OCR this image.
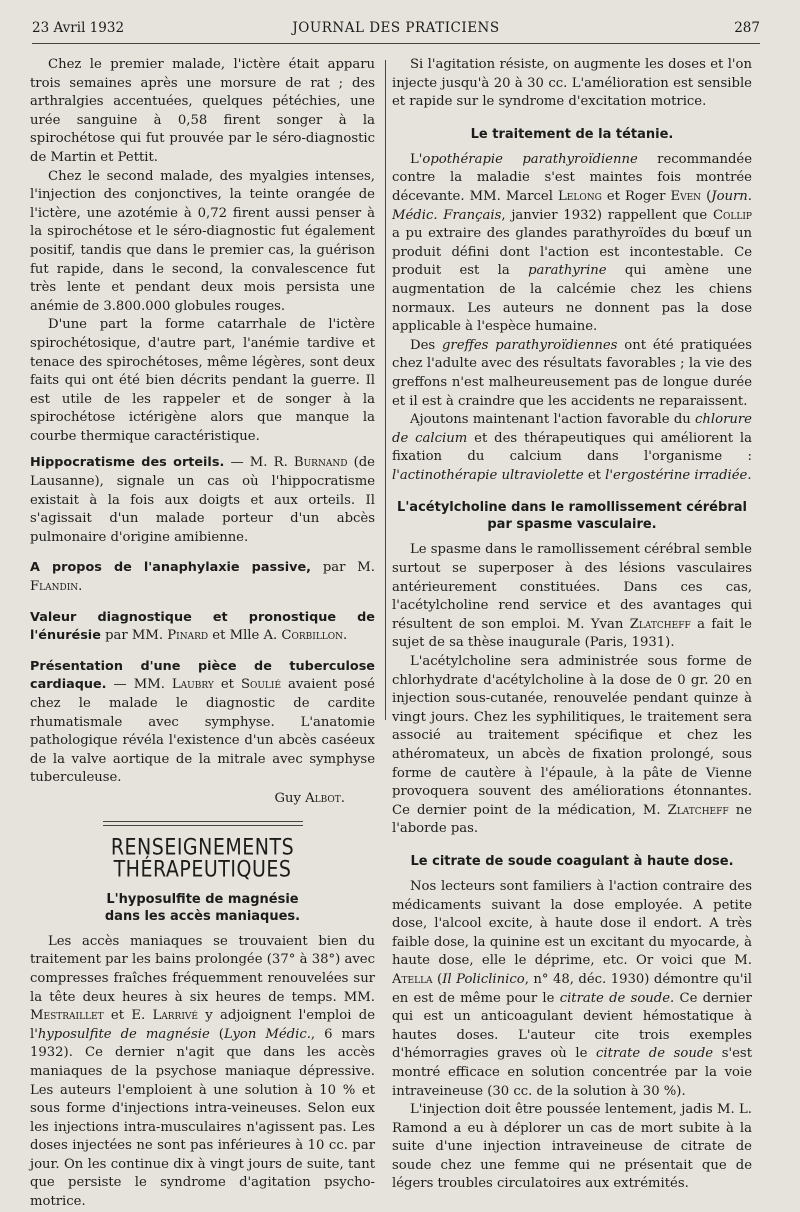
23 Avril 1932	JOURNAL DES PRATICIENS	287

Chez le premier malade, l'ictère était apparu trois semaines après une morsure de rat ; des arthralgies accentuées, quelques pétéchies, une urée sanguine à 0,58 firent songer à la spirochétose qui fut prouvée par le séro-diagnostic de Martin et Pettit.

Chez le second malade, des myalgies intenses, l'injection des conjonctives, la teinte orangée de l'ictère, une azotémie à 0,72 firent aussi penser à la spirochétose et le séro-diagnostic fut également positif, tandis que dans le premier cas, la guérison fut rapide, dans le second, la convalescence fut très lente et pendant deux mois persista une anémie de 3.800.000 globules rouges.

D'une part la forme catarrhale de l'ictère spirochétosique, d'autre part, l'anémie tardive et tenace des spirochétoses, même légères, sont deux faits qui ont été bien décrits pendant la guerre. Il est utile de les rappeler et de songer à la spirochétose ictérigène alors que manque la courbe thermique caractéristique.

Hippocratisme des orteils. — M. R. Burnand (de Lausanne), signale un cas où l'hippocratisme existait à la fois aux doigts et aux orteils. Il s'agissait d'un malade porteur d'un abcès pulmonaire d'origine amibienne.

A propos de l'anaphylaxie passive, par M. Flandin.

Valeur diagnostique et pronostique de l'énurésie par MM. Pinard et Mlle A. Corbillon.

Présentation d'une pièce de tuberculose cardiaque. — MM. Laubry et Soulié avaient posé chez le malade le diagnostic de cardite rhumatismale avec symphyse. L'anatomie pathologique révéla l'existence d'un abcès caséeux de la valve aortique de la mitrale avec symphyse tuberculeuse.

Guy Albot.

RENSEIGNEMENTS THÉRAPEUTIQUES
L'hyposulfite de magnésie
dans les accès maniaques.

Les accès maniaques se trouvaient bien du traitement par les bains prolongée (37° à 38°) avec compresses fraîches fréquemment renouvelées sur la tête deux heures à six heures de temps. MM. Mestraillet et E. Larrivé y adjoignent l'emploi de l'hyposulfite de magnésie (Lyon Médic., 6 mars 1932). Ce dernier n'agit que dans les accès maniaques de la psychose maniaque dépressive. Les auteurs l'emploient à une solution à 10 % et sous forme d'injections intra-veineuses. Selon eux les injections intra-musculaires n'agissent pas. Les doses injectées ne sont pas inférieures à 10 cc. par jour. On les continue dix à vingt jours de suite, tant que persiste le syndrome d'agitation psycho-motrice.

Si l'agitation résiste, on augmente les doses et l'on injecte jusqu'à 20 à 30 cc. L'amélioration est sensible et rapide sur le syndrome d'excitation motrice.

Le traitement de la tétanie.

L'opothérapie parathyroïdienne recommandée contre la maladie s'est maintes fois montrée décevante. MM. Marcel Lelong et Roger Even (Journ. Médic. Français, janvier 1932) rappellent que Collip a pu extraire des glandes parathyroïdes du bœuf un produit défini dont l'action est incontestable. Ce produit est la parathyrine qui amène une augmentation de la calcémie chez les chiens normaux. Les auteurs ne donnent pas la dose applicable à l'espèce humaine.

Des greffes parathyroïdiennes ont été pratiquées chez l'adulte avec des résultats favorables ; la vie des greffons n'est malheureusement pas de longue durée et il est à craindre que les accidents ne reparaissent.

Ajoutons maintenant l'action favorable du chlorure de calcium et des thérapeutiques qui améliorent la fixation du calcium dans l'organisme : l'actinothérapie ultraviolette et l'ergostérine irradiée.

L'acétylcholine dans le ramollissement cérébral
par spasme vasculaire.

Le spasme dans le ramollissement cérébral semble surtout se superposer à des lésions vasculaires antérieurement constituées. Dans ces cas, l'acétylcholine rend service et des avantages qui résultent de son emploi. M. Yvan Zlatcheff a fait le sujet de sa thèse inaugurale (Paris, 1931).

L'acétylcholine sera administrée sous forme de chlorhydrate d'acétylcholine à la dose de 0 gr. 20 en injection sous-cutanée, renouvelée pendant quinze à vingt jours. Chez les syphilitiques, le traitement sera associé au traitement spécifique et chez les athéromateux, un abcès de fixation prolongé, sous forme de cautère à l'épaule, à la pâte de Vienne provoquera souvent des améliorations étonnantes. Ce dernier point de la médication, M. Zlatcheff ne l'aborde pas.

Le citrate de soude coagulant à haute dose.

Nos lecteurs sont familiers à l'action contraire des médicaments suivant la dose employée. A petite dose, l'alcool excite, à haute dose il endort. A très faible dose, la quinine est un excitant du myocarde, à haute dose, elle le déprime, etc. Or voici que M. Atella (Il Policlinico, n° 48, déc. 1930) démontre qu'il en est de même pour le citrate de soude. Ce dernier qui est un anticoagulant devient hémostatique à hautes doses. L'auteur cite trois exemples d'hémorragies graves où le citrate de soude s'est montré efficace en solution concentrée par la voie intraveineuse (30 cc. de la solution à 30 %).

L'injection doit être poussée lentement, jadis M. L. Ramond a eu à déplorer un cas de mort subite à la suite d'une injection intraveineuse de citrate de soude chez une femme qui ne présentait que de légers troubles circulatoires aux extrémités.
